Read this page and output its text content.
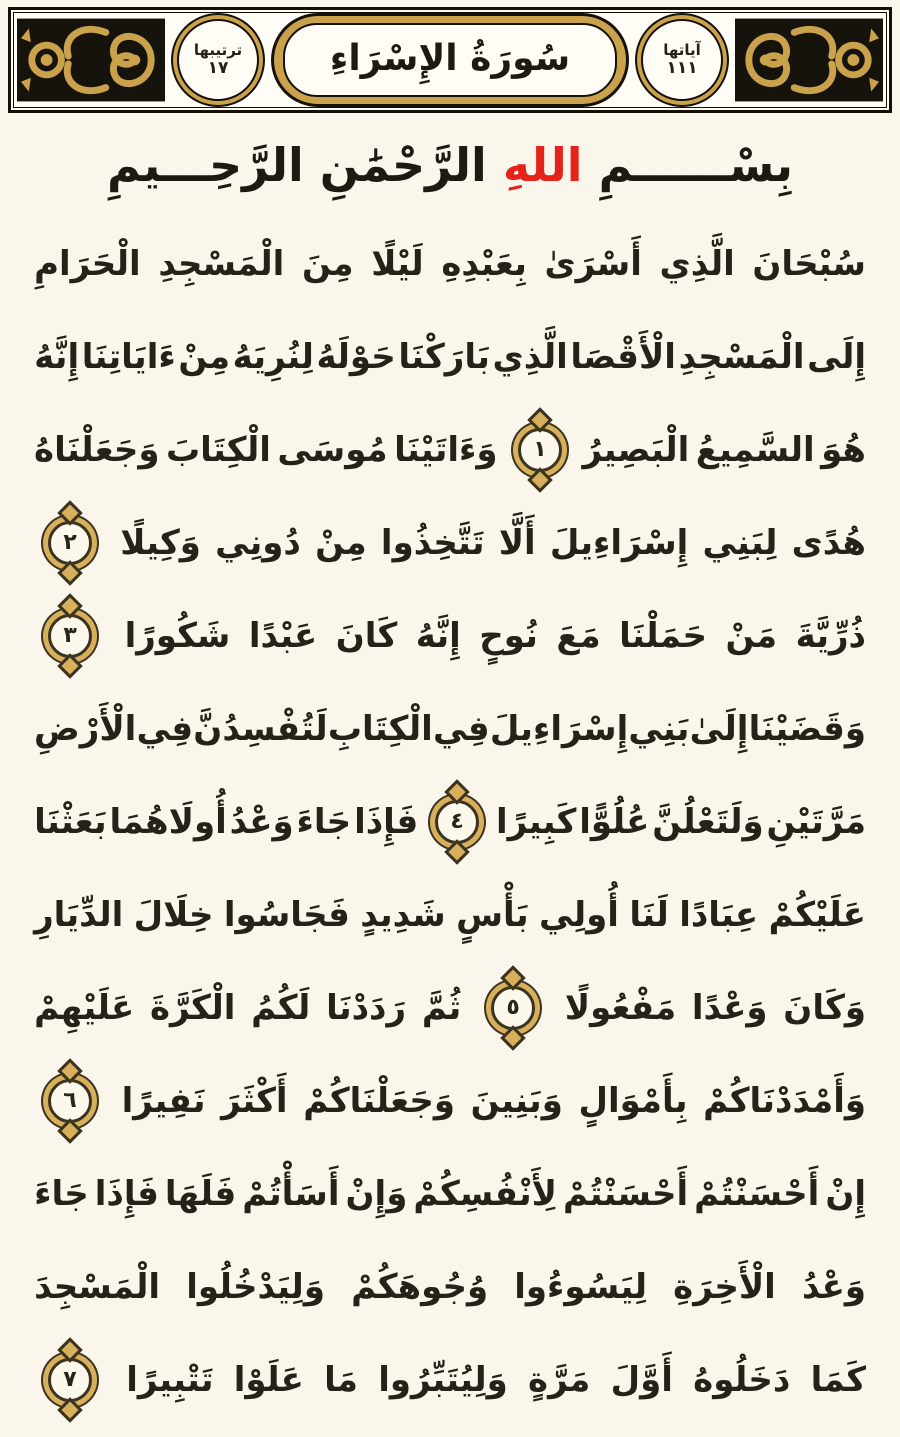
آياتها
١١١
سُورَةُ الإِسْرَاءِ
ترتيبها
١٧
بِسْــــــمِ اللهِ الرَّحْمَٰنِ الرَّحِـــيمِ
سُبْحَانَ
الَّذِي
أَسْرَىٰ
بِعَبْدِهِ
لَيْلًا
مِنَ
الْمَسْجِدِ
الْحَرَامِ
إِلَى
الْمَسْجِدِ
الْأَقْصَا
الَّذِي
بَارَكْنَا
حَوْلَهُ
لِنُرِيَهُ
مِنْ
ءَايَاتِنَا
إِنَّهُ
هُوَ
السَّمِيعُ
الْبَصِيرُ
١
وَءَاتَيْنَا
مُوسَى
الْكِتَابَ
وَجَعَلْنَاهُ
هُدًى
لِبَنِي
إِسْرَاءِيلَ
أَلَّا
تَتَّخِذُوا
مِنْ
دُونِي
وَكِيلًا
٢
ذُرِّيَّةَ
مَنْ
حَمَلْنَا
مَعَ
نُوحٍ
إِنَّهُ
كَانَ
عَبْدًا
شَكُورًا
٣
وَقَضَيْنَا
إِلَىٰ
بَنِي
إِسْرَاءِيلَ
فِي
الْكِتَابِ
لَتُفْسِدُنَّ
فِي
الْأَرْضِ
مَرَّتَيْنِ
وَلَتَعْلُنَّ
عُلُوًّا
كَبِيرًا
٤
فَإِذَا
جَاءَ
وَعْدُ
أُولَاهُمَا
بَعَثْنَا
عَلَيْكُمْ
عِبَادًا
لَنَا
أُولِي
بَأْسٍ
شَدِيدٍ
فَجَاسُوا
خِلَالَ
الدِّيَارِ
وَكَانَ
وَعْدًا
مَفْعُولًا
٥
ثُمَّ
رَدَدْنَا
لَكُمُ
الْكَرَّةَ
عَلَيْهِمْ
وَأَمْدَدْنَاكُمْ
بِأَمْوَالٍ
وَبَنِينَ
وَجَعَلْنَاكُمْ
أَكْثَرَ
نَفِيرًا
٦
إِنْ
أَحْسَنْتُمْ
أَحْسَنْتُمْ
لِأَنْفُسِكُمْ
وَإِنْ
أَسَأْتُمْ
فَلَهَا
فَإِذَا
جَاءَ
وَعْدُ
الْأَخِرَةِ
لِيَسُوءُوا
وُجُوهَكُمْ
وَلِيَدْخُلُوا
الْمَسْجِدَ
كَمَا
دَخَلُوهُ
أَوَّلَ
مَرَّةٍ
وَلِيُتَبِّرُوا
مَا
عَلَوْا
تَتْبِيرًا
٧
